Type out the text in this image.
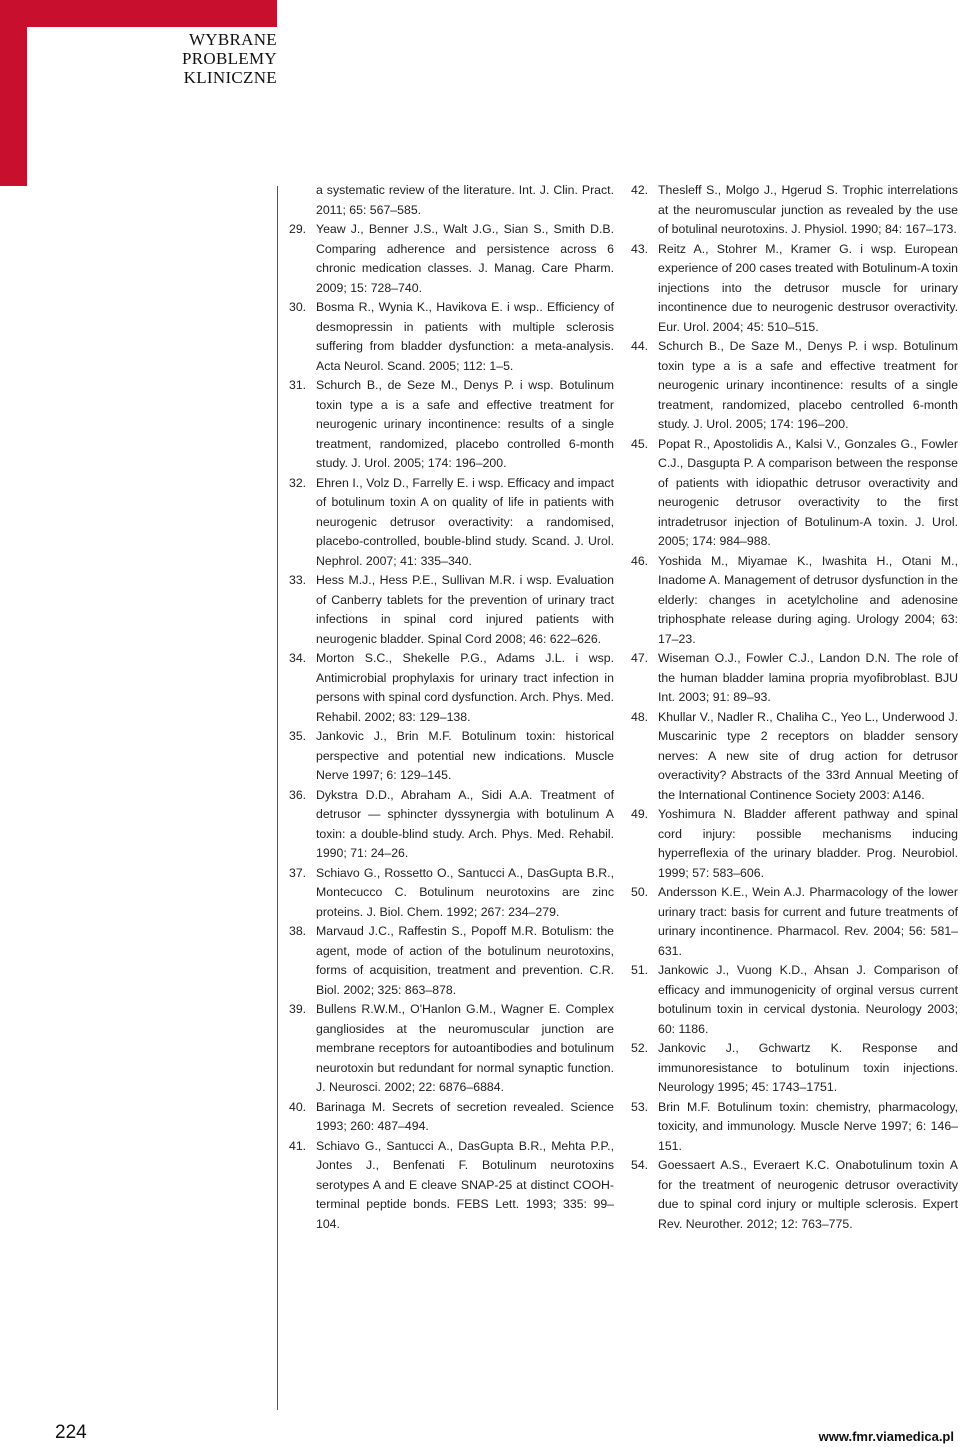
WYBRANE
PROBLEMY
KLINICZNE
a systematic review of the literature. Int. J. Clin. Pract. 2011; 65: 567–585.
29. Yeaw J., Benner J.S., Walt J.G., Sian S., Smith D.B. Comparing adherence and persistence across 6 chronic medication classes. J. Manag. Care Pharm. 2009; 15: 728–740.
30. Bosma R., Wynia K., Havikova E. i wsp.. Efficiency of desmopressin in patients with multiple sclerosis suffering from bladder dysfunction: a meta-analysis. Acta Neurol. Scand. 2005; 112: 1–5.
31. Schurch B., de Seze M., Denys P. i wsp. Botulinum toxin type a is a safe and effective treatment for neurogenic urinary incontinence: results of a single treatment, randomized, placebo controlled 6-month study. J. Urol. 2005; 174: 196–200.
32. Ehren I., Volz D., Farrelly E. i wsp. Efficacy and impact of botulinum toxin A on quality of life in patients with neurogenic detrusor overactivity: a randomised, placebo-controlled, bouble-blind study. Scand. J. Urol. Nephrol. 2007; 41: 335–340.
33. Hess M.J., Hess P.E., Sullivan M.R. i wsp. Evaluation of Canberry tablets for the prevention of urinary tract infections in spinal cord injured patients with neurogenic bladder. Spinal Cord 2008; 46: 622–626.
34. Morton S.C., Shekelle P.G., Adams J.L. i wsp. Antimicrobial prophylaxis for urinary tract infection in persons with spinal cord dysfunction. Arch. Phys. Med. Rehabil. 2002; 83: 129–138.
35. Jankovic J., Brin M.F. Botulinum toxin: historical perspective and potential new indications. Muscle Nerve 1997; 6: 129–145.
36. Dykstra D.D., Abraham A., Sidi A.A. Treatment of detrusor — sphincter dyssynergia with botulinum A toxin: a double-blind study. Arch. Phys. Med. Rehabil. 1990; 71: 24–26.
37. Schiavo G., Rossetto O., Santucci A., DasGupta B.R., Montecucco C. Botulinum neurotoxins are zinc proteins. J. Biol. Chem. 1992; 267: 234–279.
38. Marvaud J.C., Raffestin S., Popoff M.R. Botulism: the agent, mode of action of the botulinum neurotoxins, forms of acquisition, treatment and prevention. C.R. Biol. 2002; 325: 863–878.
39. Bullens R.W.M., O'Hanlon G.M., Wagner E. Complex gangliosides at the neuromuscular junction are membrane receptors for autoantibodies and botulinum neurotoxin but redundant for normal synaptic function. J. Neurosci. 2002; 22: 6876–6884.
40. Barinaga M. Secrets of secretion revealed. Science 1993; 260: 487–494.
41. Schiavo G., Santucci A., DasGupta B.R., Mehta P.P., Jontes J., Benfenati F. Botulinum neurotoxins serotypes A and E cleave SNAP-25 at distinct COOH-terminal peptide bonds. FEBS Lett. 1993; 335: 99–104.
42. Thesleff S., Molgo J., Hgerud S. Trophic interrelations at the neuromuscular junction as revealed by the use of botulinal neurotoxins. J. Physiol. 1990; 84: 167–173.
43. Reitz A., Stohrer M., Kramer G. i wsp. European experience of 200 cases treated with Botulinum-A toxin injections into the detrusor muscle for urinary incontinence due to neurogenic destrusor overactivity. Eur. Urol. 2004; 45: 510–515.
44. Schurch B., De Saze M., Denys P. i wsp. Botulinum toxin type a is a safe and effective treatment for neurogenic urinary incontinence: results of a single treatment, randomized, placebo centrolled 6-month study. J. Urol. 2005; 174: 196–200.
45. Popat R., Apostolidis A., Kalsi V., Gonzales G., Fowler C.J., Dasgupta P. A comparison between the response of patients with idiopathic detrusor overactivity and neurogenic detrusor overactivity to the first intradetrusor injection of Botulinum-A toxin. J. Urol. 2005; 174: 984–988.
46. Yoshida M., Miyamae K., Iwashita H., Otani M., Inadome A. Management of detrusor dysfunction in the elderly: changes in acetylcholine and adenosine triphosphate release during aging. Urology 2004; 63: 17–23.
47. Wiseman O.J., Fowler C.J., Landon D.N. The role of the human bladder lamina propria myofibroblast. BJU Int. 2003; 91: 89–93.
48. Khullar V., Nadler R., Chaliha C., Yeo L., Underwood J. Muscarinic type 2 receptors on bladder sensory nerves: A new site of drug action for detrusor overactivity? Abstracts of the 33rd Annual Meeting of the International Continence Society 2003: A146.
49. Yoshimura N. Bladder afferent pathway and spinal cord injury: possible mechanisms inducing hyperreflexia of the urinary bladder. Prog. Neurobiol. 1999; 57: 583–606.
50. Andersson K.E., Wein A.J. Pharmacology of the lower urinary tract: basis for current and future treatments of urinary incontinence. Pharmacol. Rev. 2004; 56: 581–631.
51. Jankowic J., Vuong K.D., Ahsan J. Comparison of efficacy and immunogenicity of orginal versus current botulinum toxin in cervical dystonia. Neurology 2003; 60: 1186.
52. Jankovic J., Gchwartz K. Response and immunoresistance to botulinum toxin injections. Neurology 1995; 45: 1743–1751.
53. Brin M.F. Botulinum toxin: chemistry, pharmacology, toxicity, and immunology. Muscle Nerve 1997; 6: 146–151.
54. Goessaert A.S., Everaert K.C. Onabotulinum toxin A for the treatment of neurogenic detrusor overactivity due to spinal cord injury or multiple sclerosis. Expert Rev. Neurother. 2012; 12: 763–775.
224	www.fmr.viamedica.pl
